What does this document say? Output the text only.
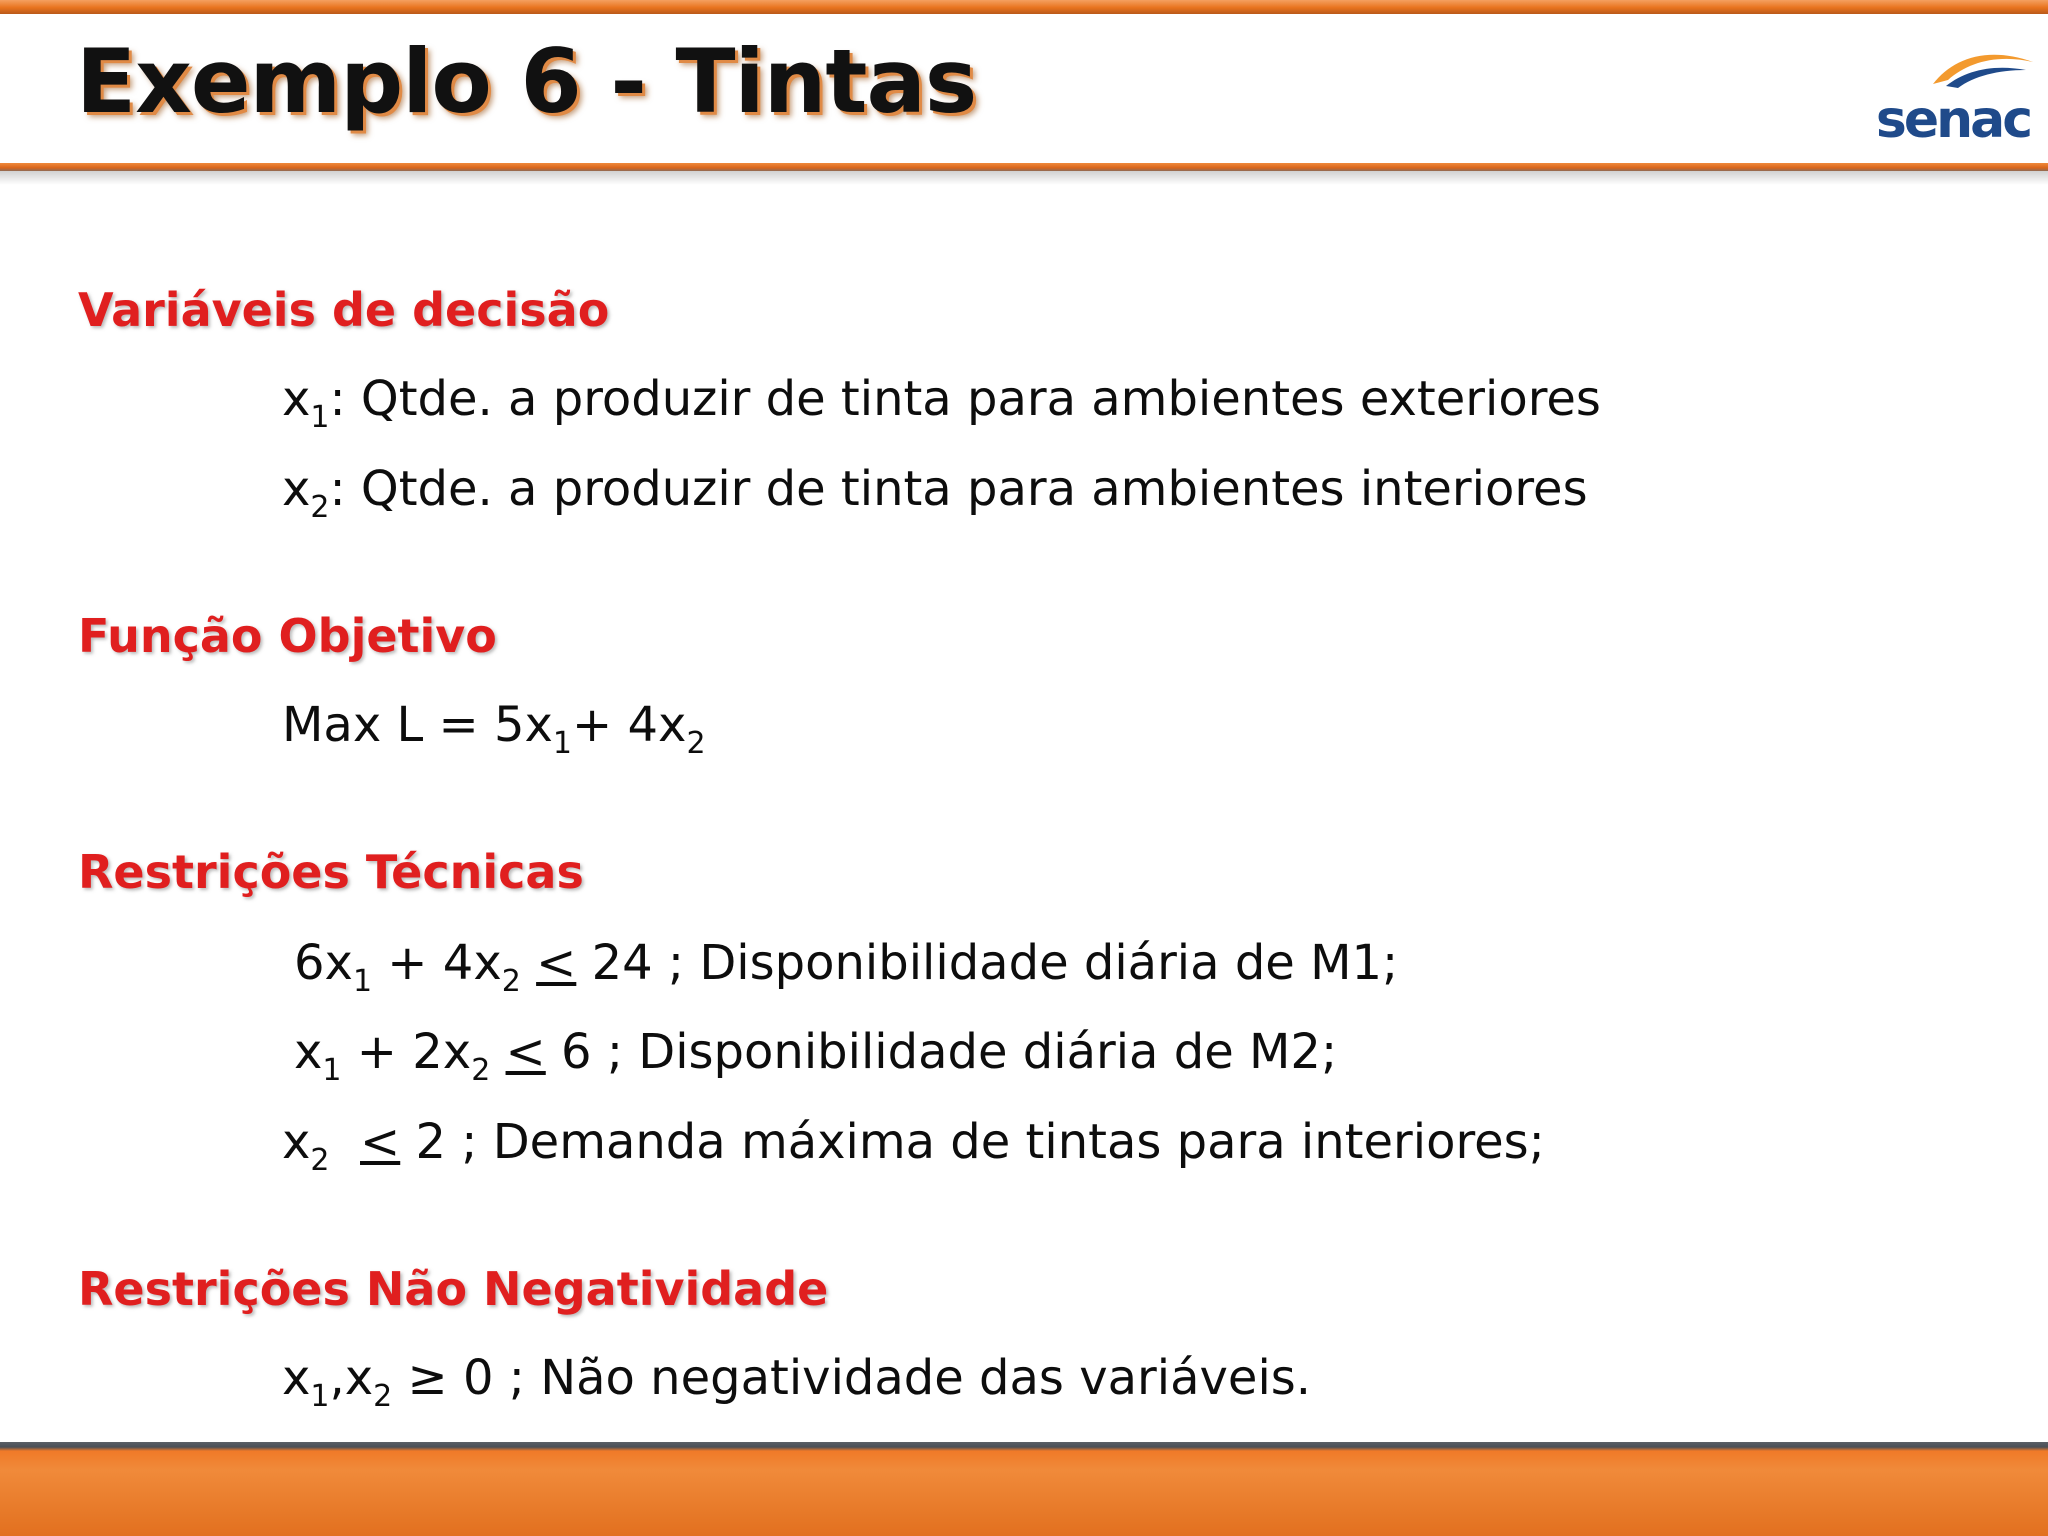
Exemplo 6 - Tintas	senac
Variáveis de decisão
$x_1$: Qtde. a produzir de tinta para ambientes exteriores
$x_2$: Qtde. a produzir de tinta para ambientes interiores
Função Objetivo
Max $L = 5x_1+ 4x_2$
Restrições Técnicas
$6x_1 + 4x_2 \le 24$ ; Disponibilidade diária de M1;
$x_1 + 2x_2 \le 6$ ; Disponibilidade diária de M2;
$x_2 \le 2$ ; Demanda máxima de tintas para interiores;
Restrições Não Negatividade
$x_1,x_2 \ge 0$ ; Não negatividade das variáveis.
